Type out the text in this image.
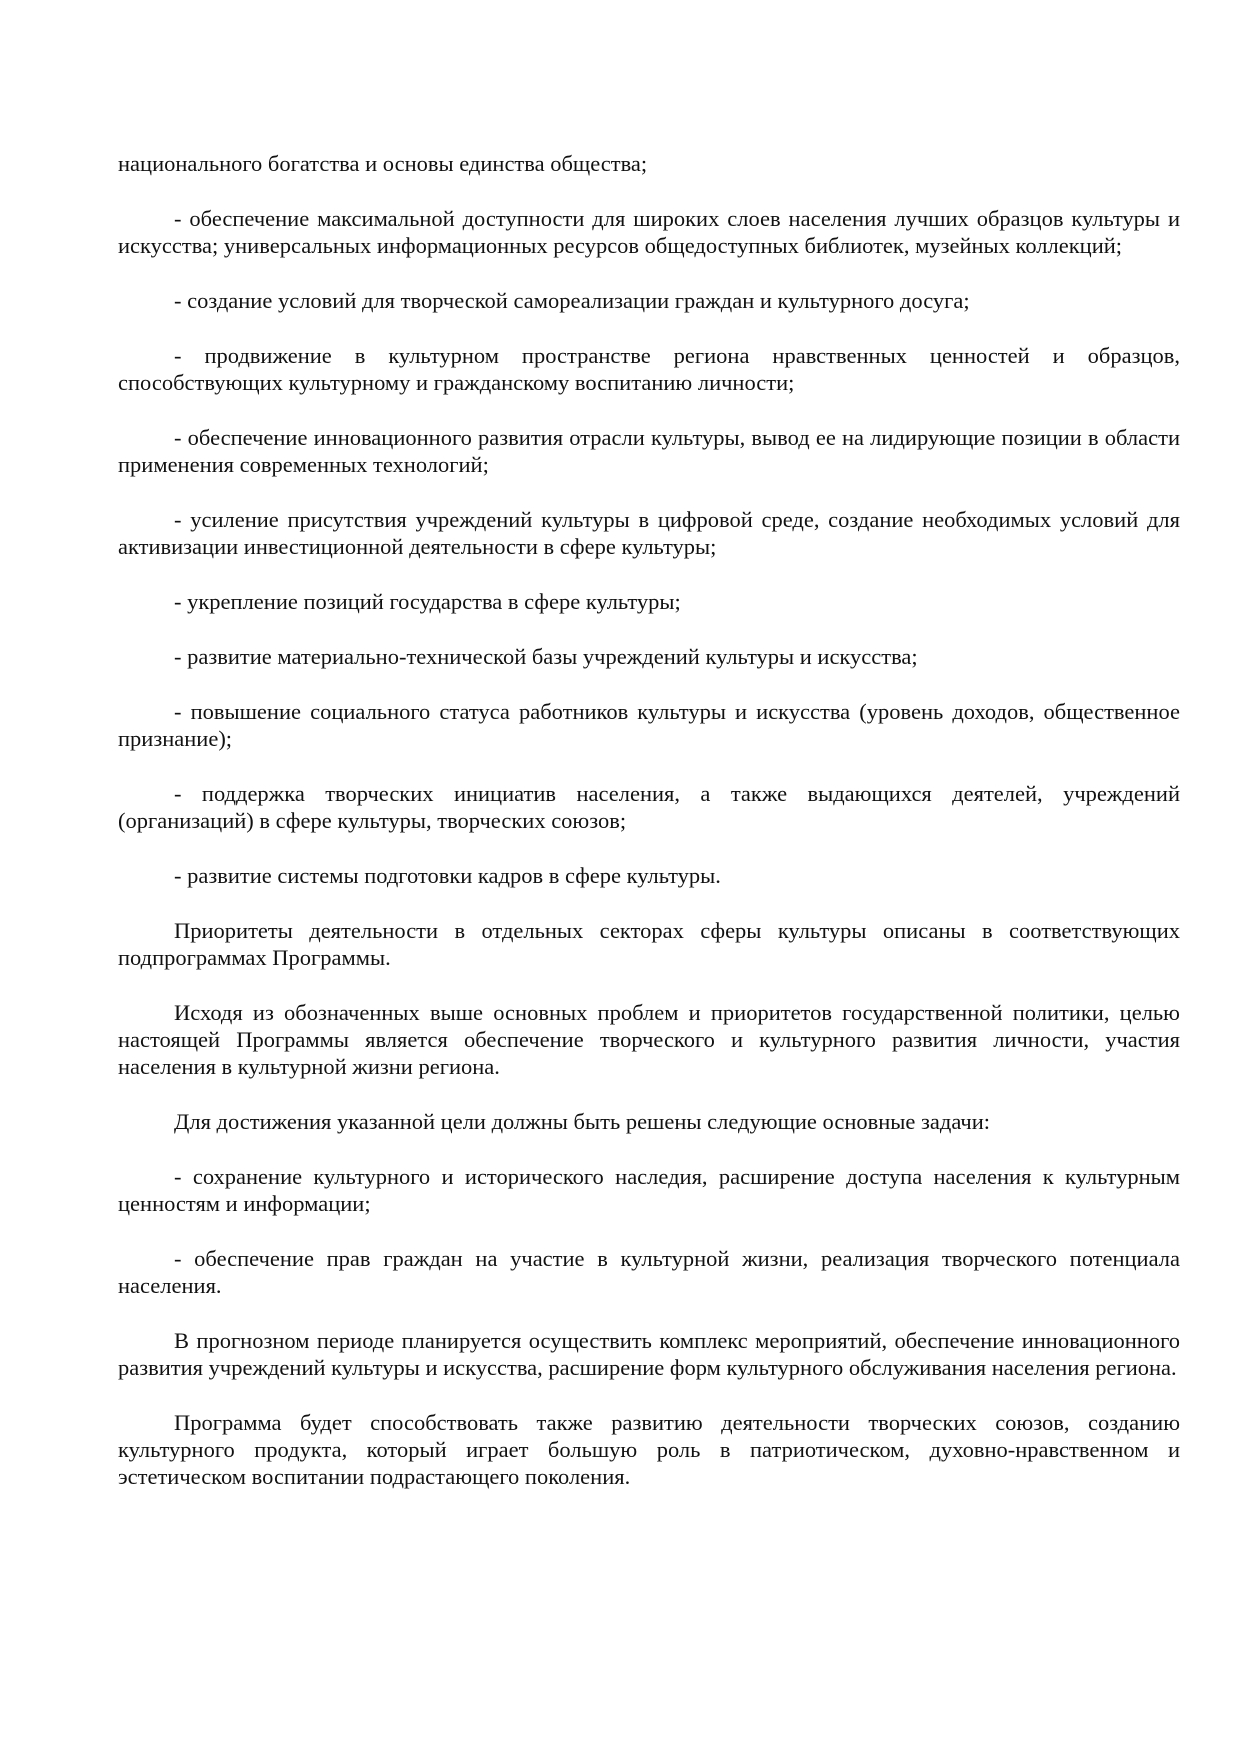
национального богатства и основы единства общества;

- обеспечение максимальной доступности для широких слоев населения лучших образцов культуры и искусства; универсальных информационных ресурсов общедоступных библиотек, музейных коллекций;

- создание условий для творческой самореализации граждан и культурного досуга;

- продвижение в культурном пространстве региона нравственных ценностей и образцов, способствующих культурному и гражданскому воспитанию личности;

- обеспечение инновационного развития отрасли культуры, вывод ее на лидирующие позиции в области применения современных технологий;

- усиление присутствия учреждений культуры в цифровой среде, создание необходимых условий для активизации инвестиционной деятельности в сфере культуры;

- укрепление позиций государства в сфере культуры;

- развитие материально-технической базы учреждений культуры и искусства;

- повышение социального статуса работников культуры и искусства (уровень доходов, общественное признание);

- поддержка творческих инициатив населения, а также выдающихся деятелей, учреждений (организаций) в сфере культуры, творческих союзов;

- развитие системы подготовки кадров в сфере культуры.

Приоритеты деятельности в отдельных секторах сферы культуры описаны в соответствующих подпрограммах Программы.

Исходя из обозначенных выше основных проблем и приоритетов государственной политики, целью настоящей Программы является обеспечение творческого и культурного развития личности, участия населения в культурной жизни региона.

Для достижения указанной цели должны быть решены следующие основные задачи:

- сохранение культурного и исторического наследия, расширение доступа населения к культурным ценностям и информации;

- обеспечение прав граждан на участие в культурной жизни, реализация творческого потенциала населения.

В прогнозном периоде планируется осуществить комплекс мероприятий, обеспечение инновационного развития учреждений культуры и искусства, расширение форм культурного обслуживания населения региона.

Программа будет способствовать также развитию деятельности творческих союзов, созданию культурного продукта, который играет большую роль в патриотическом, духовно-нравственном и эстетическом воспитании подрастающего поколения.
